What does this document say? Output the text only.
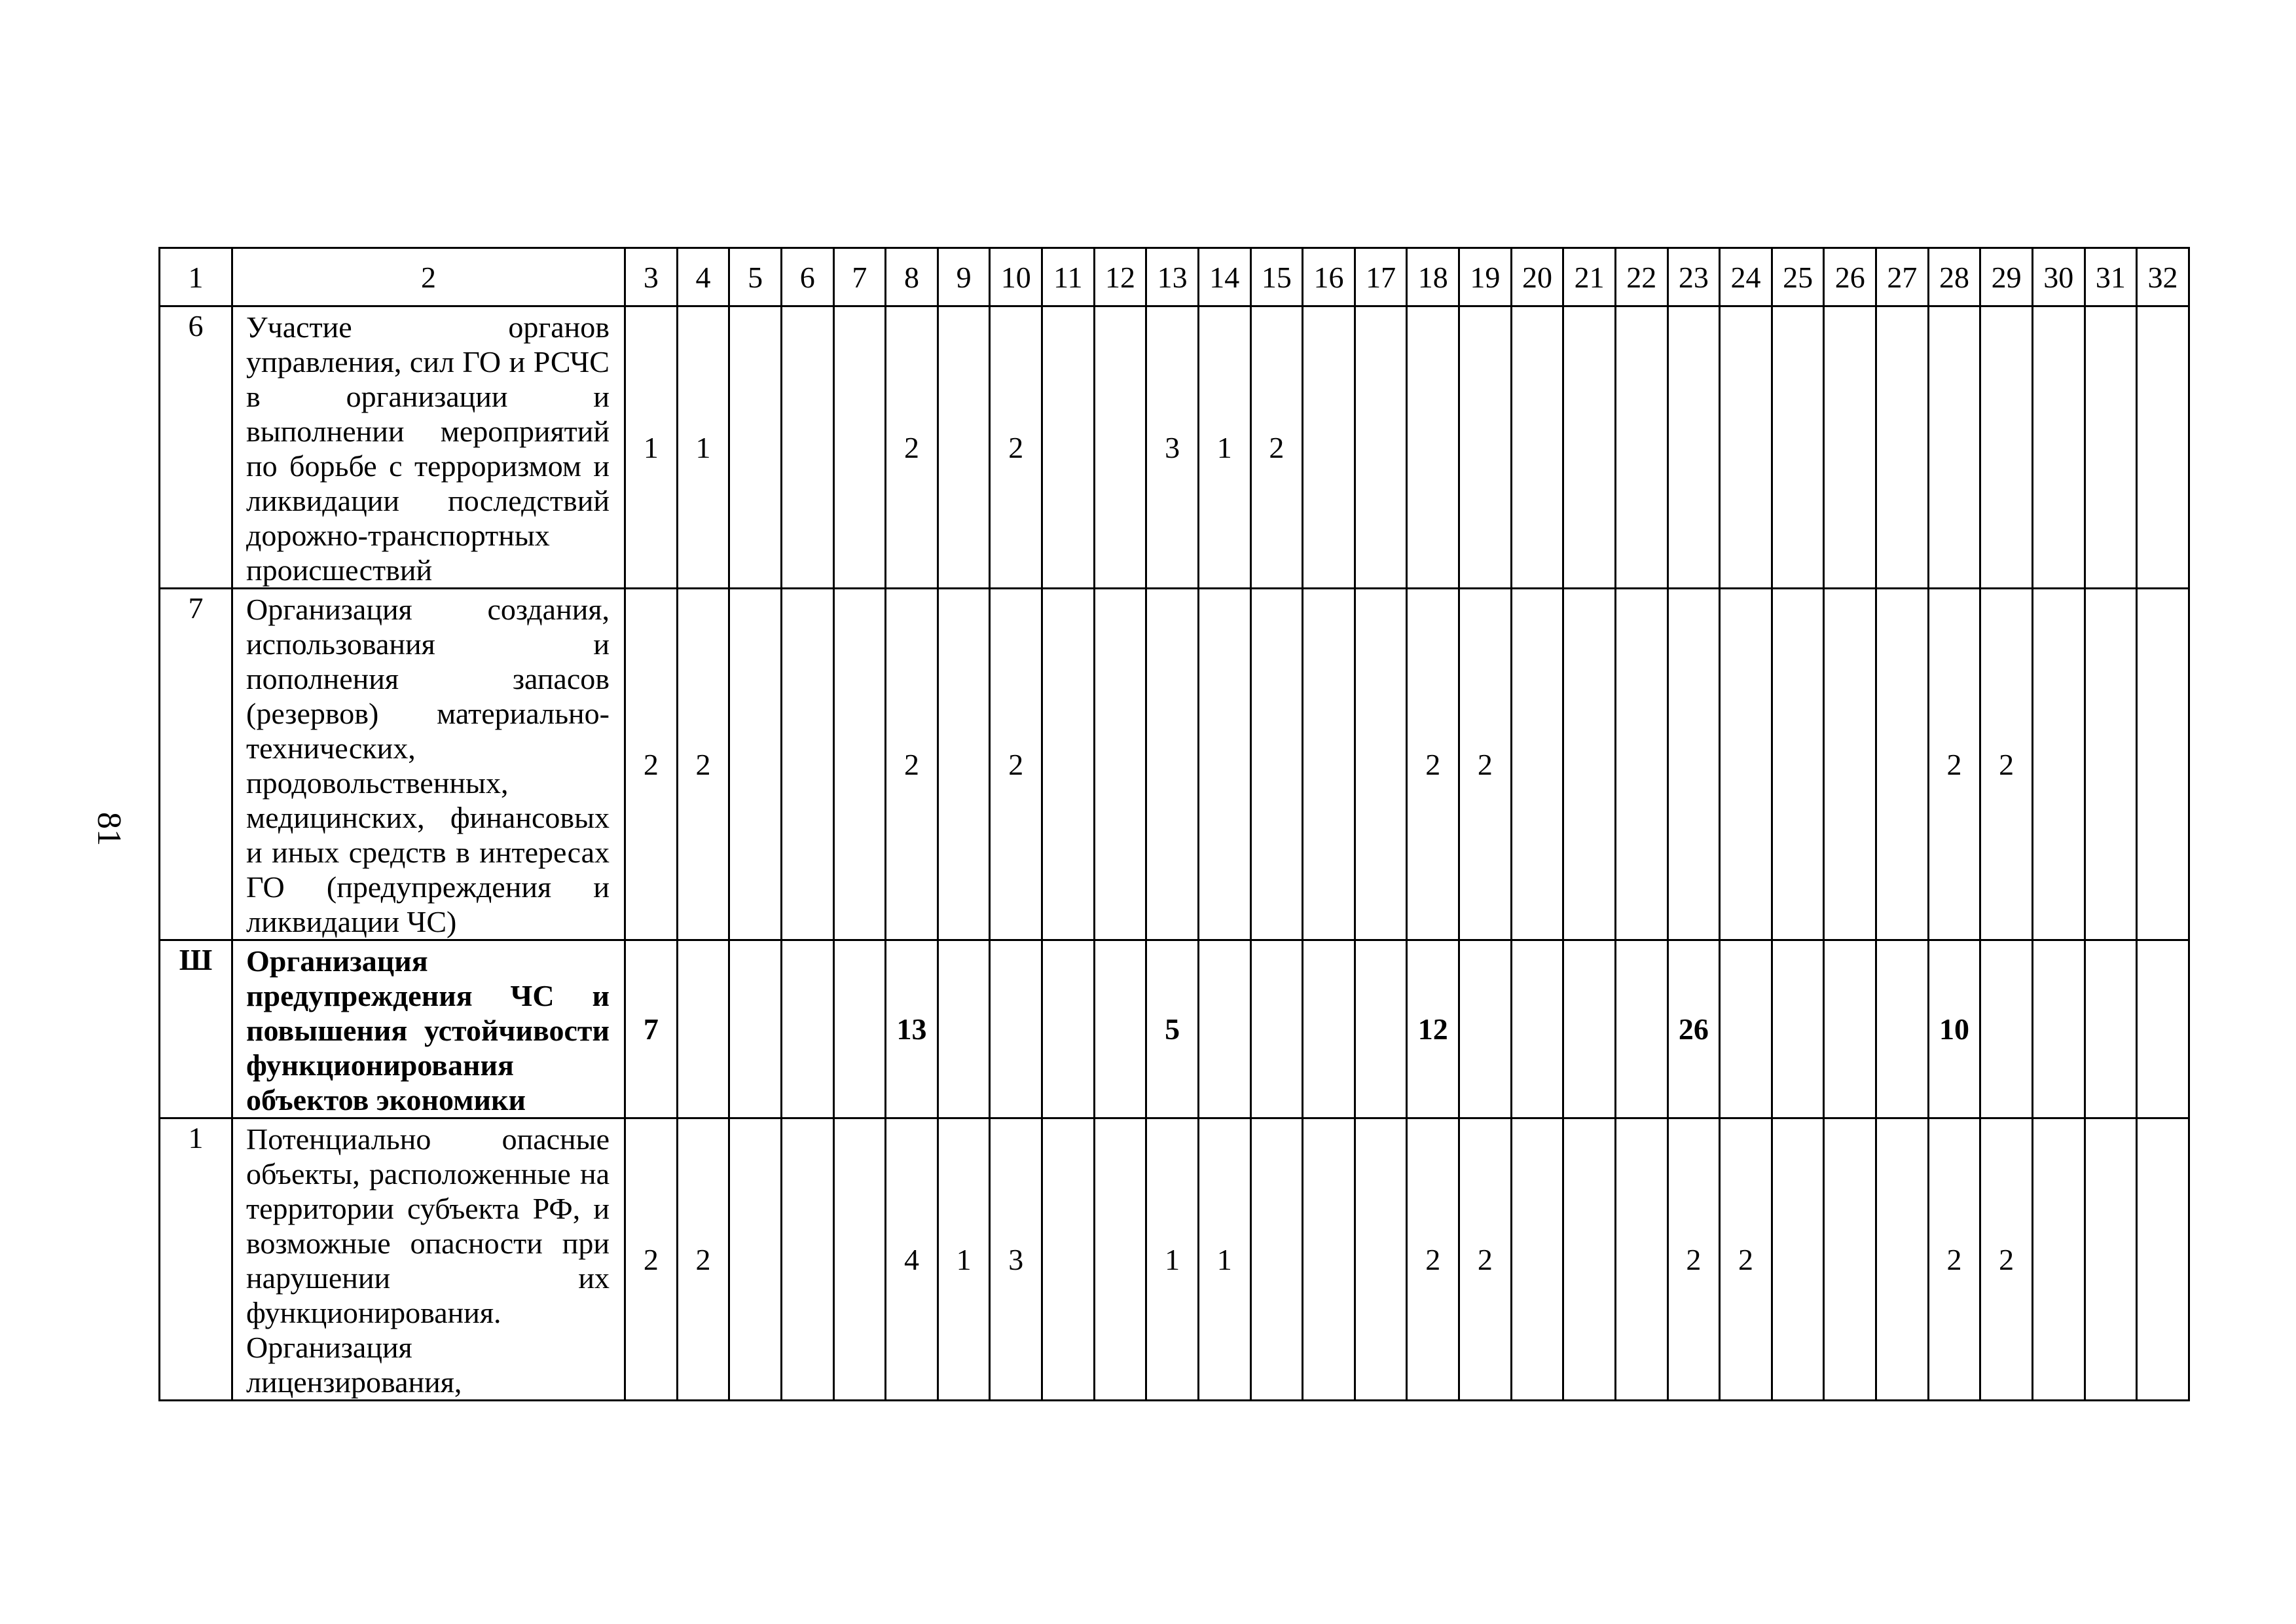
81
1	2	3	4	5	6	7	8	9	10	11	12	13	14	15	16	17	18	19	20	21	22	23	24	25	26	27	28	29	30	31	32
6	Участие органов управления, сил ГО и РСЧС в организации и выполнении мероприятий по борьбе с терроризмом и ликвидации последствий дорожно-транспортных происшествий	1	1				2		2			3	1	2																	
7	Организация создания, использования и пополнения запасов (резервов) материально-технических, продовольственных, медицинских, финансовых и иных средств в интересах ГО (предупреждения и ликвидации ЧС)	2	2				2		2								2	2									2	2			
Ш	Организация предупреждения ЧС и повышения устойчивости функционирования объектов экономики	7					13					5					12					26					10				
1	Потенциально опасные объекты, расположенные на территории субъекта РФ, и возможные опасности при нарушении их функционирования. Организация лицензирования,	2	2				4	1	3			1	1				2	2				2	2				2	2			
